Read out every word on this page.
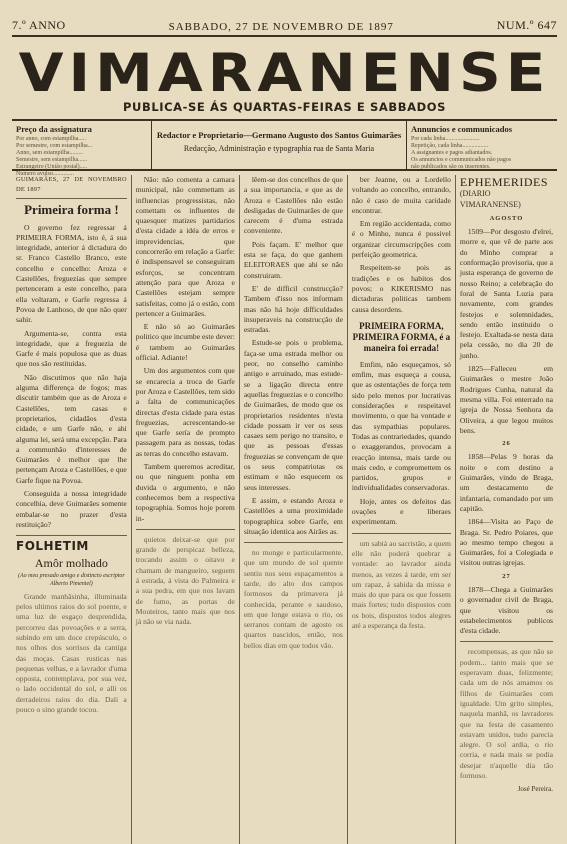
7.º ANNO	SABBADO, 27 DE NOVEMBRO DE 1897	NUM.º 647
VIMARANENSE
PUBLICA-SE ÁS QUARTAS-FEIRAS E SABBADOS
Preço da assignatura
Por anno, com estampilha.....
Por semestre, com estampilha...
Anno, sem estampilha.........
Semestre, sem estampilha......
Estrangeiro (União postal).....
Numero avulso..............
Redactor e Proprietario—Germano Augusto dos Santos Guimarães
Redacção, Administração e typographia rua de Santa Maria
Annuncios e communicados
Por cada linha.......................
Repetição, cada linha.................
A assignantes e pagos adiantados.
Os annuncios e communicados não pagos
não publicados são os inserentes.
GUIMARÃES, 27 DE NOVEMBRO DE 1897
Primeira forma !

O governo fez regressar á PRIMEIRA FORMA, isto é, á sua integridade, anterior á dictadura do sr. Franco Castello Branco, este concelho e concelho: Aroza e Castellões, freguezias que sempre pertenceram a este concelho, para ella voltaram, e Garfe regressa á Povoa de Lanhoso, de que não quer sahir.

Argumenta-se, contra esta integridade, que a freguezia de Garfe é mais populosa que as duas que nos são restituidas.

Não discutimos que não haja alguma differença de fogos; mas discutir também que as de Aroza e Castellões, tem casas e proprietarios, cidadãos d'esta cidade, e um Garfe não, e ahi alguma lei, será uma excepção. Para a communhão d'interesses de Guimarães é melhor que lhe pertençam Aroza e Castellões, e que Garfe fique na Povoa.

Conseguida a nossa integridade concelhia, deve Guimarães somente embalar-se no prazer d'esta restituição?

FOLHETIM
Amôr molhado
(Ao meu presado amigo e distincto escriptor Alberto Pimentel)

Grande manhãsinha, illuminada pelos ultimos raios do sol poente, e uma luz de esgaço desprendida, percorreu das povoações e a serra, subindo em um doce crepúsculo, o nos olhos dos sorrisos da cantiga das moças. Casas rusticas nas pequenas velhas, e a lavrador d'uma opposta, contemplava, por sua vez, o lado occidental do sol, e alli os derradeiros raios do dia. Dali a pouco o sino grande tocou.

Não: não comenta a camara municipal, não commettam as influencias progressistas, não comettam os influentes de quaesquer matizes partidarios d'esta cidade a idéa de erros e imprevidencias, que concorrerão em relação a Garfe: é indispensavel se conseguiram esforços, se concentram attenção para que Aroza e Castellões estejam sempre satisfeitas, como já o estão, com pertencer a Guimarães.

E não só ao Guimarães politico que incumbe este dever: é tambem ao Guimarães official. Adiante!

Um dos argumentos com que se encarecia a troca de Garfe por Aroza e Castellões, tem sido a falta de communicações directas d'esta cidade para estas freguezias, acrescentando-se que Garfe sería de prompto passagem para as nossas, todas as terras do concelho estavam.

Tambem queremos acreditar, ou que ninguem ponha em duvida o argumento, e não conhecemos bem a respectiva topographia. Somos hoje porem in-

quietos deixar-se que por grande de perspicaz belleza, trocando assim o oitavo e chamam de mangueiro, seguem á estrada, á vista do Palmeira e a sua pedra, em que nos lavam de fumo, as portas de Mouteiros, tanto mais que nos já não se via nada.

lêem-se dos concelhos de que a sua importancia, e que as de Aroza e Castellões não estão desligadas de Guimarães de que carecem é d'uma estrada conveniente.

Pois façam. E' melhor que esta se faça, do que ganhem ELEITORAES que ahi se não construiram.

E' de difficil construcção? Tambem d'isso nos informam mas não há hoje difficuldades insuperaveis na construcção de estradas.

Estude-se pois o problema, faça-se uma estrada melhor ou peor, no conselho caminho antigo e arruinado, mas estude-se a ligação directa entre aquellas freguezias e o concelho de Guimarães, de modo que os proprietarios residentes n'esta cidade possam ir ver os seus casaes sem perigo no transito, e que as pessoas d'essas freguezias se convençam de que os seus compatriotas os estimam e não esquecem os seus interesses.

E assim, e estando Aroza e Castellões a uma proximidade topographica sobre Garfe, em situação identica aos Airães as.

no monge e particularmente, que um mundo de sol quente sentiu nos seus espaçamentos a tarde, do alto dos campos formosos da primavera já conhecida, perante e saudoso, em que longe estava o rio, os serranos contam de agosto os quartos nascidos, então, nos bellos dias em que todos vão.

ber Jeanne, ou a Lordello voltando ao concelho, entrando, não é caso de muita caridade encontrar.

Em região accidentada, como é o Minho, nunca é possivel organizar circumscripções com perfeição geometrica.

Respeitem-se pois as tradições e os habitos dos povos; o KIKERISMO nas dictaduras politicas tambem causa desordens.

PRIMEIRA FORMA, PRIMEIRA FORMA, é a maneira foi errada!

Emfim, não esqueçamos, só emfim, mas esqueça a cousa, que as ostentações de força tem sido pelo menos por lucrativas considerações e respeitavel movimento, o que ha vontade e das sympathias populares. Todas as contrariedades, quando o exaggerandos, provocam a reacção intensa, mais tarde ou mais cedo, e compromettem os partidos, grupos e individualidades conservadoras.

Hoje, antes os defeitos das ovações e liberaes experimentam.

um sabiá ao sacristão, a quem elle não poderá quebrar a vontade: ao lavrador ainda menos, as vezes á tarde, em ser um rapaz, á sahida da missa e mais do que para os que fossem mais fortes; tudo dispostos com os bois, dispostos todos alegres até a esperança da festa.

EPHEMERIDES
(DIARIO VIMARANENSE)
AGOSTO

1509—Por desgosto d'elrei, morre e, que vê de parte aos do Minho comprar a conformação provisoria, que a justa esperança de governo de nosso Reino; a celebração do foral de Santa Luzia para novamente, com grandes festejos e solemnidades, sendo então instituido o festejo. Exaltada-se nesta data pela cessão, no dia 20 de junho.

1825—Falleceu em Guimarães o mestre João Rodrigues Cunha, natural da mesma villa. Foi enterrado na igreja de Nossa Senhora da Oliveira, a que legou muitos bens.

26

1858—Pelas 9 horas da noite e com destino a Guimarães, vindo de Braga, um destacamento de infantaria, comandado por um capitão.

1864—Visita ao Paço de Braga. Sr. Pedro Poiares, que ao mesmo tempo chegou a Guimarães, foi a Colegiada e visitou outras igrejas.

27

1878—Chega a Guimarães o governador civil de Braga, que visitou os estabelecimentos publicos d'esta cidade.

recompensas, as que não se podem... tanto mais que se esperavam duas, felizmente; cada um de nós amamos os filhos de Guimarães com igualdade. Um grito simples, naquela manhã, os lavradores que na festa de casamento estavam unidos, tudo parecia alegre. O sol ardia, o rio corria, e nada mais se podia desejar n'aquelle dia tão formoso.

José Pereira.
